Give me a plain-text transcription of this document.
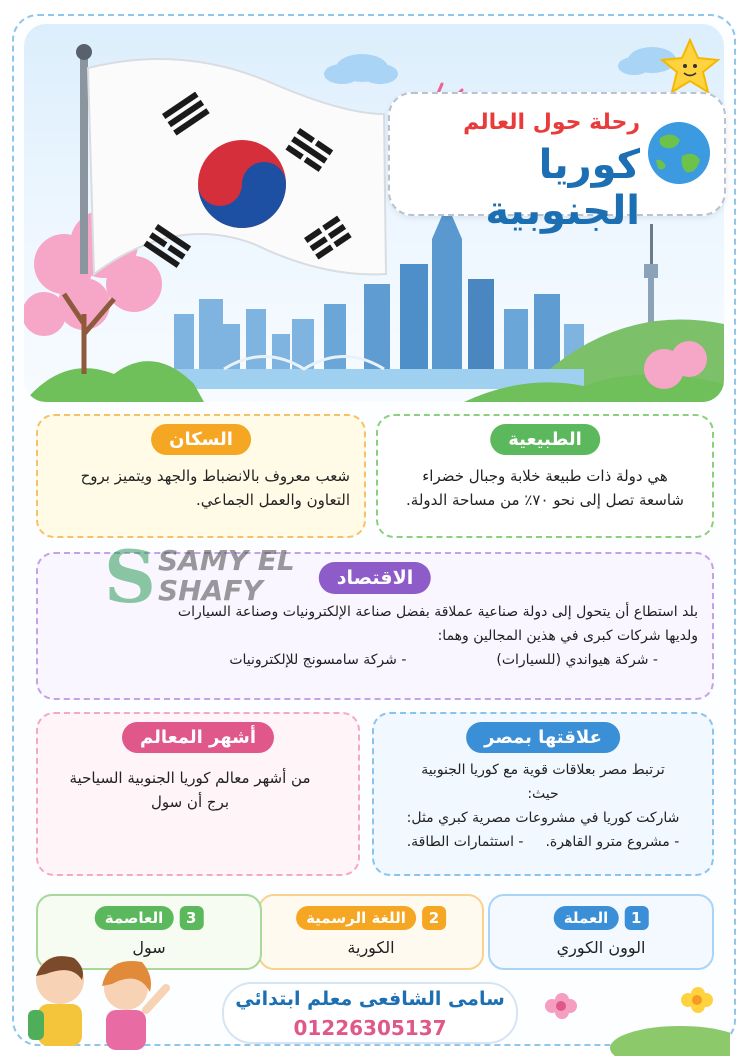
رحلة حول العالم
كوريا الجنوبية
الطبيعية
هي دولة ذات طبيعة خلابة وجبال خضراء
شاسعة تصل إلى نحو ٧٠٪ من مساحة الدولة.
السكان
شعب معروف بالانضباط والجهد ويتميز بروح
التعاون والعمل الجماعي.
S SAMY EL
SHAFY	الاقتصاد
بلد استطاع أن يتحول إلى دولة صناعية عملاقة بفضل صناعة الإلكترونيات وصناعة السيارات
ولديها شركات كبرى في هذين المجالين وهما:
- شركة هيواندي (للسيارات)
- شركة سامسونج للإلكترونيات
علاقتها بمصر
ترتبط مصر بعلاقات قوية مع كوريا الجنوبية
حيث:
شاركت كوريا في مشروعات مصرية كبري مثل:
- مشروع مترو القاهرة.
- استثمارات الطاقة.
أشهر المعالم
من أشهر معالم كوريا الجنوبية السياحية
برج أن سول
1
العملة
الوون الكوري
2
اللغة الرسمية
الكورية
3
العاصمة
سول
سامى الشافعى معلم ابتدائي
01226305137
